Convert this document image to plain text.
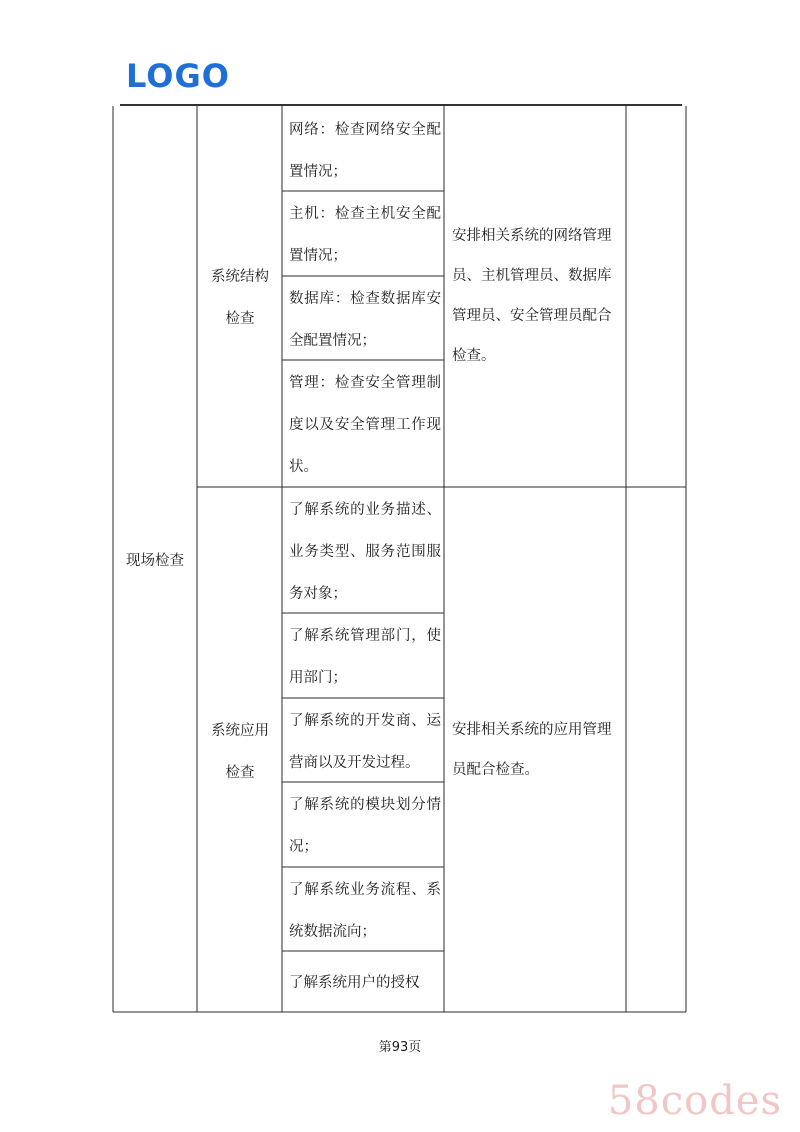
LOGO
现场检查
系统结构
检查
系统应用
检查
网络：检查网络安全配置情况；
主机：检查主机安全配置情况；
数据库：检查数据库安全配置情况；
管理：检查安全管理制度以及安全管理工作现状。
了解系统的业务描述、业务类型、服务范围服务对象；
了解系统管理部门，使用部门；
了解系统的开发商、运营商以及开发过程。
了解系统的模块划分情况；
了解系统业务流程、系统数据流向；
了解系统用户的授权
安排相关系统的网络管理员、主机管理员、数据库管理员、安全管理员配合检查。
安排相关系统的应用管理员配合检查。
第93页
58codes
